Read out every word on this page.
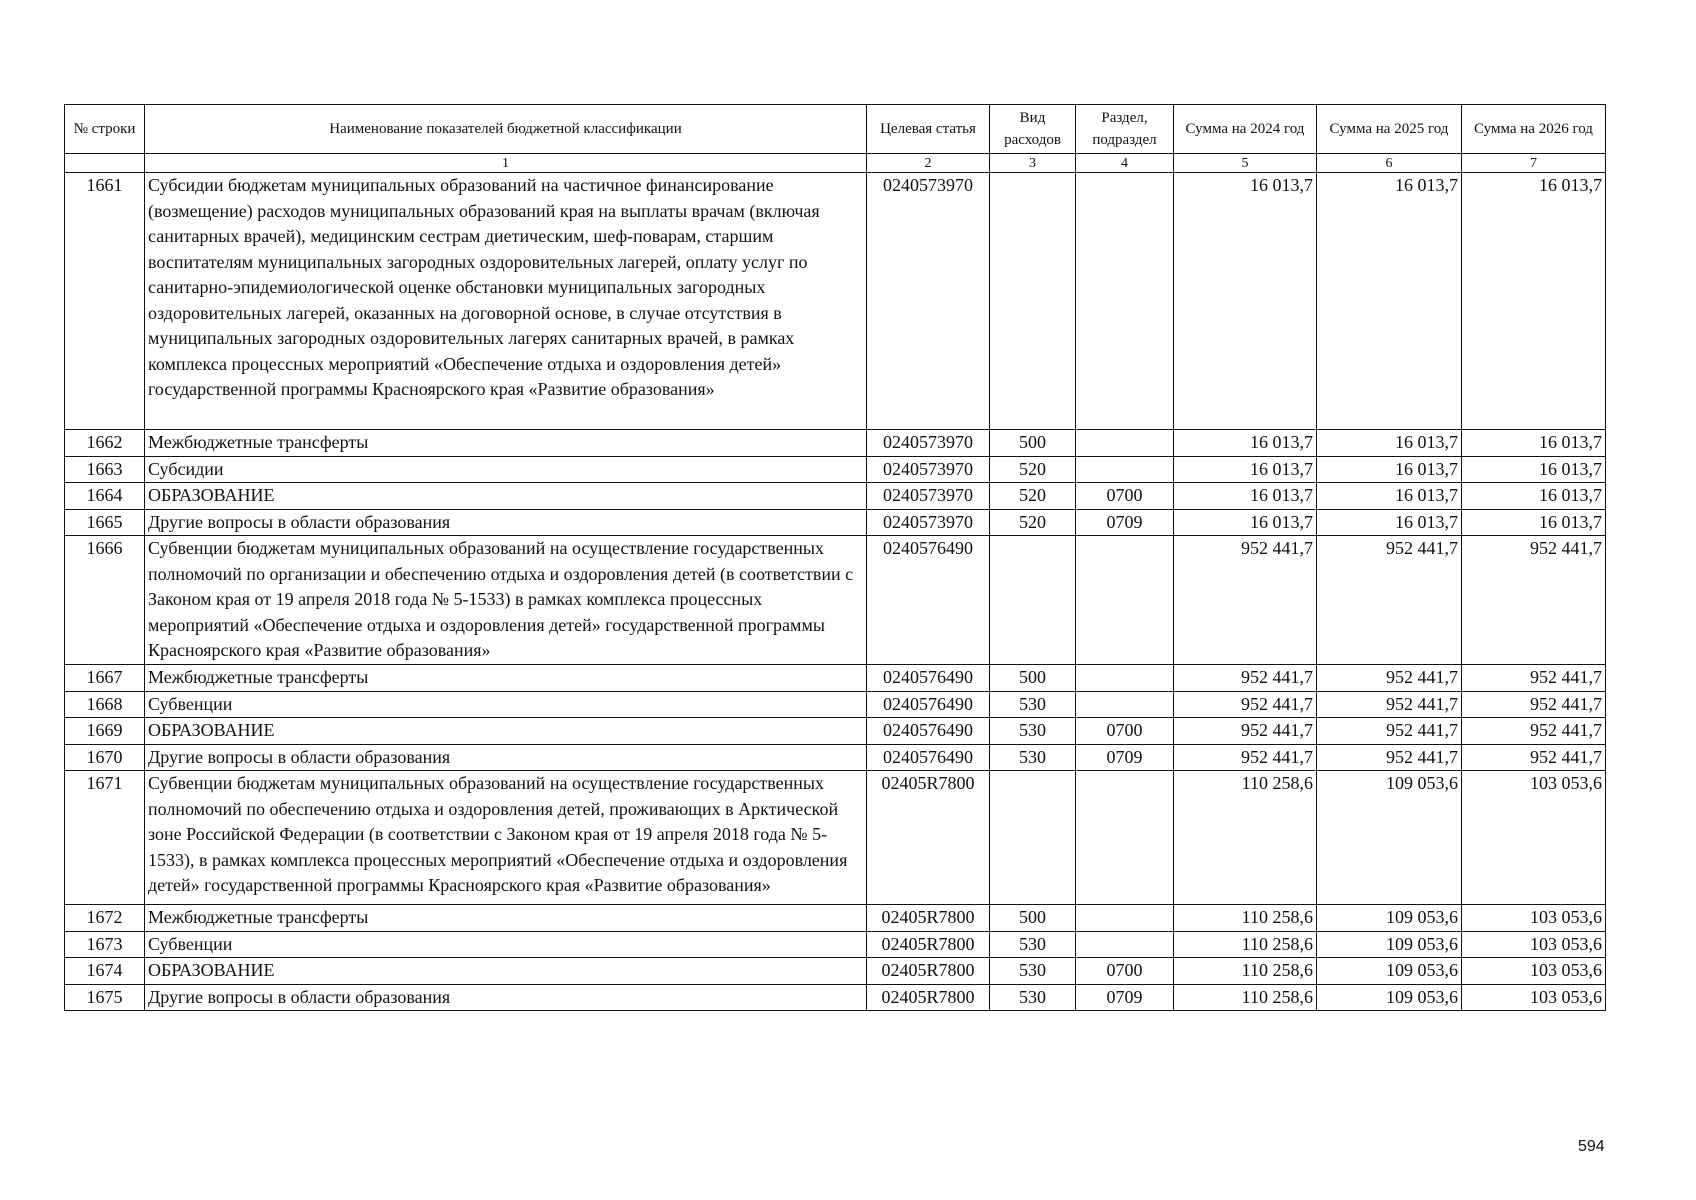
№ строки	Наименование показателей бюджетной классификации	Целевая статья	Вид расходов	Раздел, подраздел	Сумма на 2024 год	Сумма на 2025 год	Сумма на 2026 год
	1	2	3	4	5	6	7
1661	Субсидии бюджетам муниципальных образований на частичное финансирование (возмещение) расходов муниципальных образований края на выплаты врачам (включая санитарных врачей), медицинским сестрам диетическим, шеф-поварам, старшим воспитателям муниципальных загородных оздоровительных лагерей, оплату услуг по санитарно-эпидемиологической оценке обстановки муниципальных загородных оздоровительных лагерей, оказанных на договорной основе, в случае отсутствия в муниципальных загородных оздоровительных лагерях санитарных врачей, в рамках комплекса процессных мероприятий «Обеспечение отдыха и оздоровления детей» государственной программы Красноярского края «Развитие образования»	0240573970			16 013,7	16 013,7	16 013,7
1662	Межбюджетные трансферты	0240573970	500		16 013,7	16 013,7	16 013,7
1663	Субсидии	0240573970	520		16 013,7	16 013,7	16 013,7
1664	ОБРАЗОВАНИЕ	0240573970	520	0700	16 013,7	16 013,7	16 013,7
1665	Другие вопросы в области образования	0240573970	520	0709	16 013,7	16 013,7	16 013,7
1666	Субвенции бюджетам муниципальных образований на осуществление государственных полномочий по организации и обеспечению отдыха и оздоровления детей (в соответствии с Законом края от 19 апреля 2018 года № 5-1533) в рамках комплекса процессных мероприятий «Обеспечение отдыха и оздоровления детей» государственной программы Красноярского края «Развитие образования»	0240576490			952 441,7	952 441,7	952 441,7
1667	Межбюджетные трансферты	0240576490	500		952 441,7	952 441,7	952 441,7
1668	Субвенции	0240576490	530		952 441,7	952 441,7	952 441,7
1669	ОБРАЗОВАНИЕ	0240576490	530	0700	952 441,7	952 441,7	952 441,7
1670	Другие вопросы в области образования	0240576490	530	0709	952 441,7	952 441,7	952 441,7
1671	Субвенции бюджетам муниципальных образований на осуществление государственных полномочий по обеспечению отдыха и оздоровления детей, проживающих в Арктической зоне Российской Федерации (в соответствии с Законом края от 19 апреля 2018 года № 5-1533), в рамках комплекса процессных мероприятий «Обеспечение отдыха и оздоровления детей» государственной программы Красноярского края «Развитие образования»	02405R7800			110 258,6	109 053,6	103 053,6
1672	Межбюджетные трансферты	02405R7800	500		110 258,6	109 053,6	103 053,6
1673	Субвенции	02405R7800	530		110 258,6	109 053,6	103 053,6
1674	ОБРАЗОВАНИЕ	02405R7800	530	0700	110 258,6	109 053,6	103 053,6
1675	Другие вопросы в области образования	02405R7800	530	0709	110 258,6	109 053,6	103 053,6
594
